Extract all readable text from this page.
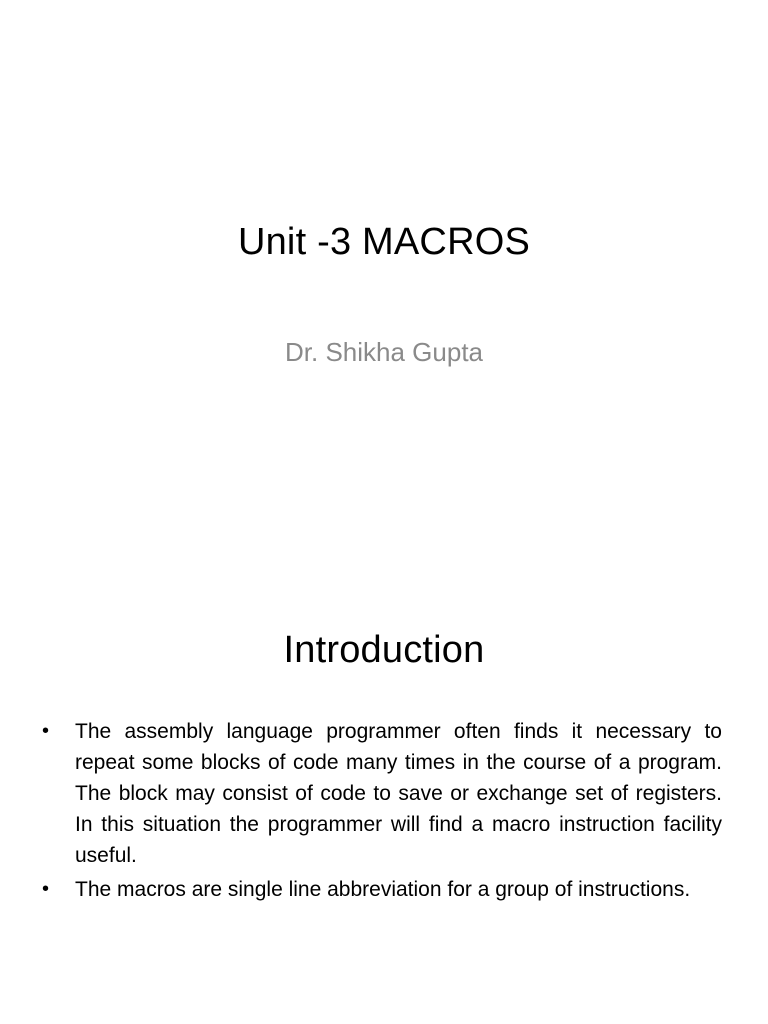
Unit -3 MACROS

Dr. Shikha Gupta

Introduction
• The assembly language programmer often finds it necessary to repeat some blocks of code many times in the course of a program. The block may consist of code to save or exchange set of registers. In this situation the programmer will find a macro instruction facility useful.
• The macros are single line abbreviation for a group of instructions.
